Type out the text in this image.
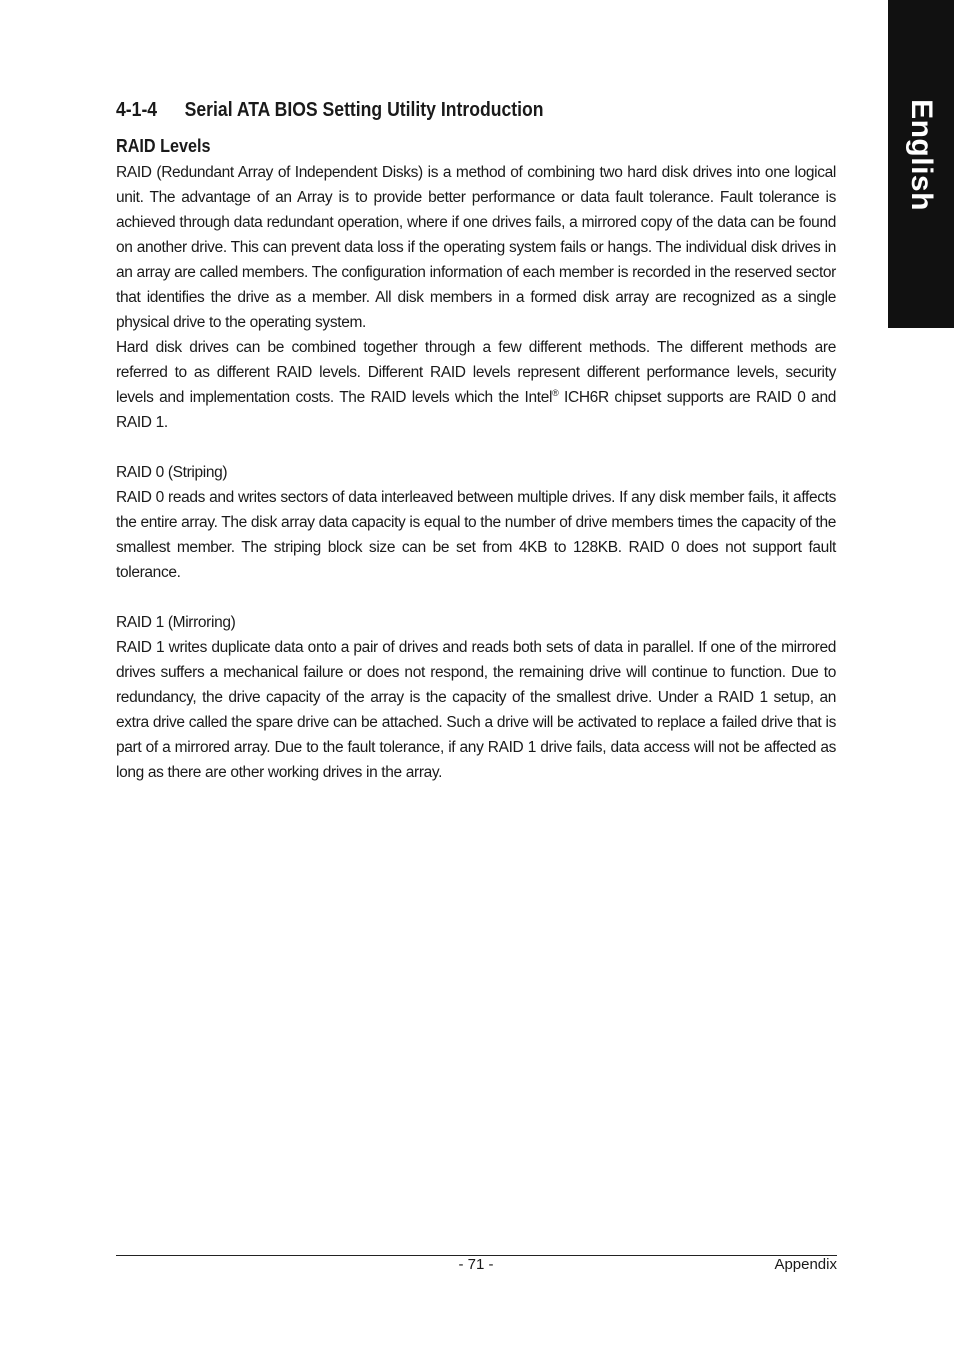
English
4-1-4 Serial ATA BIOS Setting Utility Introduction
RAID Levels

RAID (Redundant Array of Independent Disks) is a method of combining two hard disk drives into one logical unit. The advantage of an Array is to provide better performance or data fault tolerance. Fault tolerance is achieved through data redundant operation, where if one drives fails, a mirrored copy of the data can be found on another drive. This can prevent data loss if the operating system fails or hangs. The individual disk drives in an array are called members. The configuration information of each member is recorded in the reserved sector that identifies the drive as a member. All disk members in a formed disk array are recognized as a single physical drive to the operating system.

Hard disk drives can be combined together through a few different methods. The different methods are referred to as different RAID levels. Different RAID levels represent different performance levels, security levels and implementation costs. The RAID levels which the Intel® ICH6R chipset supports are RAID 0 and RAID 1.

RAID 0 (Striping)

RAID 0 reads and writes sectors of data interleaved between multiple drives. If any disk member fails, it affects the entire array. The disk array data capacity is equal to the number of drive members times the capacity of the smallest member. The striping block size can be set from 4KB to 128KB. RAID 0 does not support fault tolerance.

RAID 1 (Mirroring)

RAID 1 writes duplicate data onto a pair of drives and reads both sets of data in parallel. If one of the mirrored drives suffers a mechanical failure or does not respond, the remaining drive will continue to function. Due to redundancy, the drive capacity of the array is the capacity of the smallest drive. Under a RAID 1 setup, an extra drive called the spare drive can be attached. Such a drive will be activated to replace a failed drive that is part of a mirrored array. Due to the fault tolerance, if any RAID 1 drive fails, data access will not be affected as long as there are other working drives in the array.

- 71 -	Appendix
